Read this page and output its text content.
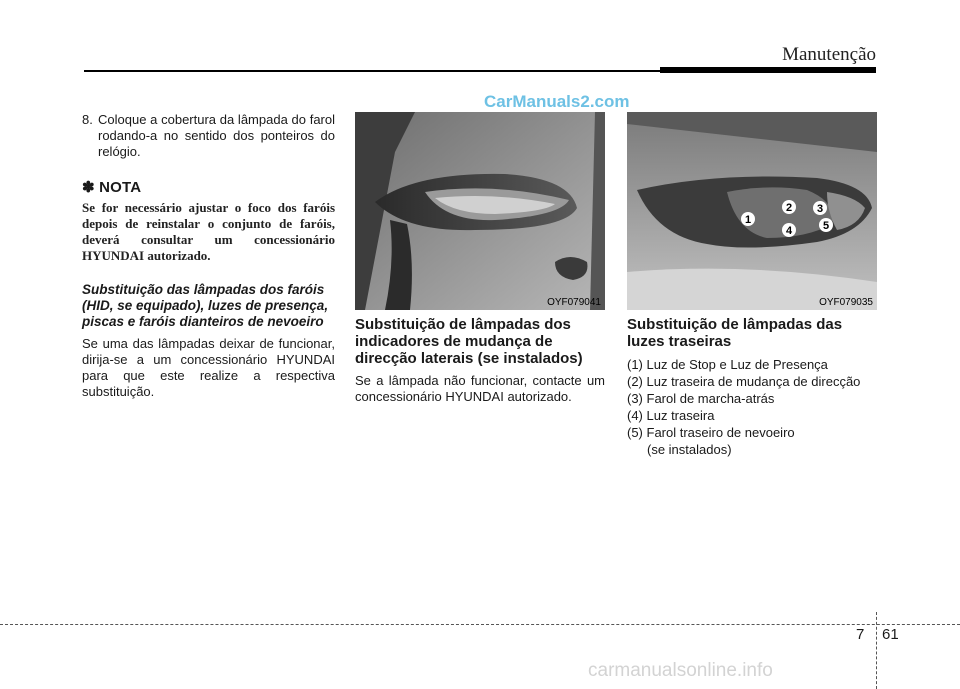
Manutenção
CarManuals2.com
8. Coloque a cobertura da lâmpada do farol rodando-a no sentido dos ponteiros do relógio.
✽ NOTA
Se for necessário ajustar o foco dos faróis depois de reinstalar o conjunto de faróis, deverá consultar um concessionário HYUNDAI autorizado.
Substituição das lâmpadas dos faróis (HID, se equipado), luzes de presença, piscas e faróis dianteiros de nevoeiro
Se uma das lâmpadas deixar de funcionar, dirija-se a um concessionário HYUNDAI para que este realize a respectiva substituição.
OYF079041
1
2 3
4	5
OYF079035
Substituição de lâmpadas dos indicadores de mudança de direcção laterais (se instalados)
Se a lâmpada não funcionar, contacte um concessionário HYUNDAI autorizado.
Substituição de lâmpadas das luzes traseiras
(1) Luz de Stop e Luz de Presença
(2) Luz traseira de mudança de direcção
(3) Farol de marcha-atrás
(4) Luz traseira
(5) Farol traseiro de nevoeiro
(se instalados)
7 61
carmanualsonline.info
